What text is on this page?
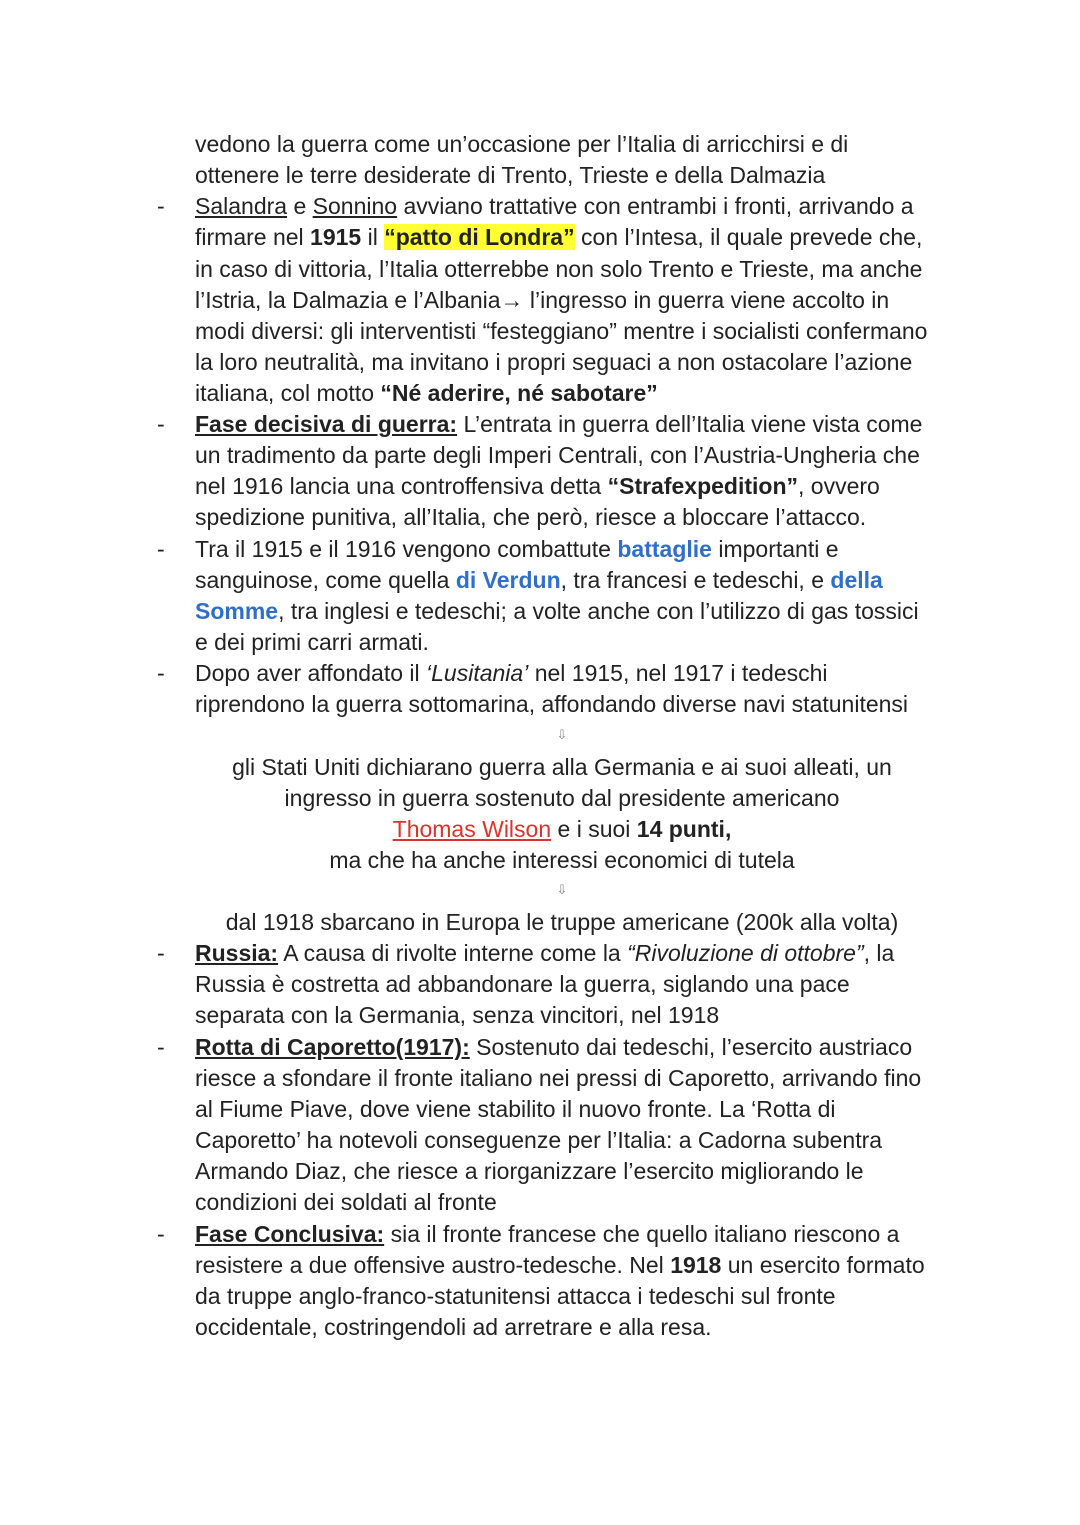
vedono la guerra come un’occasione per l’Italia di arricchirsi e di
ottenere le terre desiderate di Trento, Trieste e della Dalmazia
- Salandra e Sonnino avviano trattative con entrambi i fronti, arrivando a
firmare nel 1915 il “patto di Londra” con l’Intesa, il quale prevede che,
in caso di vittoria, l’Italia otterrebbe non solo Trento e Trieste, ma anche
l’Istria, la Dalmazia e l’Albania→ l’ingresso in guerra viene accolto in
modi diversi: gli interventisti “festeggiano” mentre i socialisti confermano
la loro neutralità, ma invitano i propri seguaci a non ostacolare l’azione
italiana, col motto “Né aderire, né sabotare”
- Fase decisiva di guerra: L’entrata in guerra dell’Italia viene vista come
un tradimento da parte degli Imperi Centrali, con l’Austria-Ungheria che
nel 1916 lancia una controffensiva detta “Strafexpedition”, ovvero
spedizione punitiva, all’Italia, che però, riesce a bloccare l’attacco.
- Tra il 1915 e il 1916 vengono combattute battaglie importanti e
sanguinose, come quella di Verdun, tra francesi e tedeschi, e della
Somme, tra inglesi e tedeschi; a volte anche con l’utilizzo di gas tossici
e dei primi carri armati.
- Dopo aver affondato il ‘Lusitania’ nel 1915, nel 1917 i tedeschi
riprendono la guerra sottomarina, affondando diverse navi statunitensi
⇩
gli Stati Uniti dichiarano guerra alla Germania e ai suoi alleati, un
ingresso in guerra sostenuto dal presidente americano
Thomas Wilson e i suoi 14 punti,
ma che ha anche interessi economici di tutela
⇩
dal 1918 sbarcano in Europa le truppe americane (200k alla volta)
- Russia: A causa di rivolte interne come la “Rivoluzione di ottobre”, la
Russia è costretta ad abbandonare la guerra, siglando una pace
separata con la Germania, senza vincitori, nel 1918
- Rotta di Caporetto(1917): Sostenuto dai tedeschi, l’esercito austriaco
riesce a sfondare il fronte italiano nei pressi di Caporetto, arrivando fino
al Fiume Piave, dove viene stabilito il nuovo fronte. La ‘Rotta di
Caporetto’ ha notevoli conseguenze per l’Italia: a Cadorna subentra
Armando Diaz, che riesce a riorganizzare l’esercito migliorando le
condizioni dei soldati al fronte
- Fase Conclusiva: sia il fronte francese che quello italiano riescono a
resistere a due offensive austro-tedesche. Nel 1918 un esercito formato
da truppe anglo-franco-statunitensi attacca i tedeschi sul fronte
occidentale, costringendoli ad arretrare e alla resa.
